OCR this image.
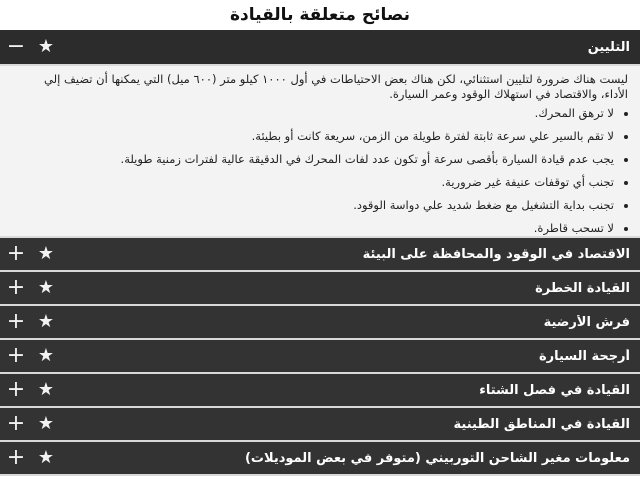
نصائح متعلقة بالقيادة
− ★	التليين

ليست هناك ضرورة لتليين استثنائي، لكن هناك بعض الاحتياطات في أول ١٠٠٠ كيلو متر (٦٠٠ ميل) التي يمكنها أن تضيف إلي الأداء، والاقتصاد في استهلاك الوقود وعمر السيارة.

• لا ترهق المحرك.
• لا تقم بالسير علي سرعة ثابتة لفترة طويلة من الزمن، سريعة كانت أو بطيئة.
• يجب عدم قيادة السيارة بأقصى سرعة أو تكون عدد لفات المحرك في الدقيقة عالية لفترات زمنية طويلة.
• تجنب أي توقفات عنيفة غير ضرورية.
• تجنب بداية التشغيل مع ضغط شديد علي دواسة الوقود.
• لا تسحب قاطرة.
+ ★	الاقتصاد في الوقود والمحافظة على البيئة
+ ★	القيادة الخطرة
+ ★	فرش الأرضية
+ ★	أرجحة السيارة
+ ★	القيادة في فصل الشتاء
+ ★	القيادة في المناطق الطينية
+ ★	معلومات مغير الشاحن التوربيني (متوفر في بعض الموديلات)
